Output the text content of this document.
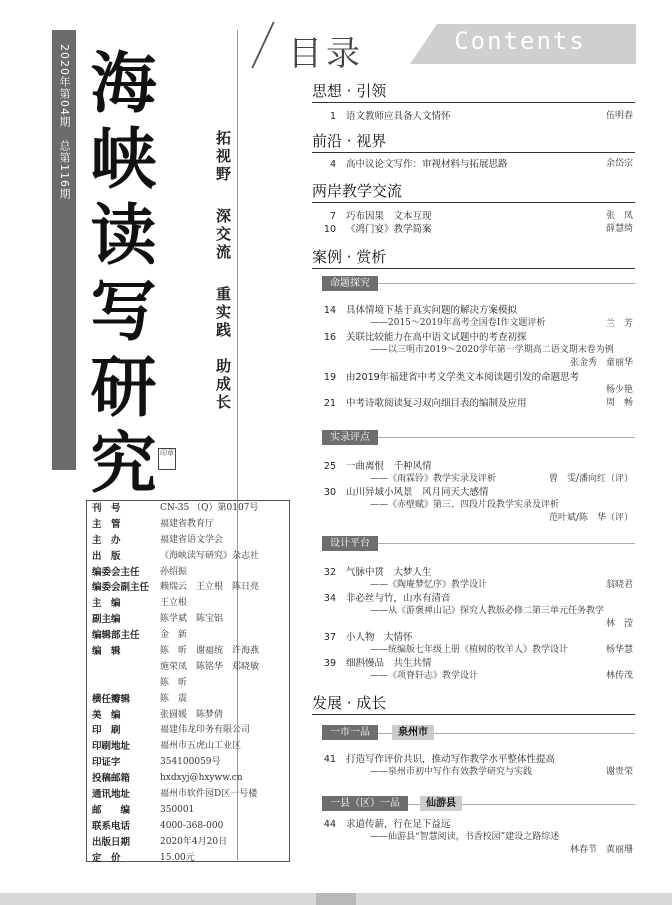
2020年第04期　总第116期 海峡读写研究 印章
拓视野
深交流
重实践
助成长
刊　号	CN-35 （Q）第0107号
主　管	福建省教育厅
主　办	福建省语文学会
出　版	《海峡读写研究》杂志社
编委会主任	孙绍振
编委会副主任	赖瑞云　王立根　陈日亮
主　编	王立根
副主编	陈学斌　陈宝铝
编辑部主任	金　新
编　辑	陈　昕　谢福统　许海燕
施荣凤　陈铭华　郑晓敏
陈　昕
横任瓣辑	陈　震
美　编	张圆媛　陈梦倩
印　刷	福建伟龙印务有限公司
印刷地址	福州市五虎山工业区
印证字	354100059号
投稿邮箱	hxdxyj@hxyww.cn
通讯地址	福州市软件园D区一号楼
邮　　编	350001
联系电话	4000-368-000
出版日期	2020年4月20日
定　价	15.00元
目录	Contents
思想 · 引领
1 语文教师应具备人文情怀	伍明春
前沿 · 视界
4 高中议论文写作：审视材料与拓展思路	余岱宗
两岸教学交流
7 巧布因果　文本互现	张　凤
10 《鸿门宴》教学简案	薛慧绮
案例 · 赏析
命题探究
14 具体情境下基于真实问题的解决方案模拟
——2015～2019年高考全国卷Ⅰ作文题评析	兰　芳
16 关联比较能力在高中语文试题中的考查初探
——以三明市2019～2020学年第一学期高二语文期末卷为例
张金秀　童丽华
19 由2019年福建省中考文学类文本阅读题引发的命题思考
杨少艳
21 中考诗歌阅读复习双向细目表的编制及应用	周　畅
实录评点
25 一曲离恨　千种风情
——《雨霖铃》教学实录及评析	曾　雯/潘向红（评）
30 山川异域小风景　风月同天大感情
——《赤壁赋》第三、四段片段教学实录及评析
范叶斌/陈　华（评）
设计平台
32 气脉中贯　大梦人生
——《陶庵梦忆序》教学设计	翁晓君
34 非必丝与竹，山水有清音
——从《游褒禅山记》探究人教版必修二第三单元任务教学
林　滢
37 小人物　大情怀
——统编版七年级上册《植树的牧羊人》教学设计	杨华慧
39 细斟慢品　共生共情
——《项脊轩志》教学设计	林传茂
发展 · 成长
一市一品	泉州市
41 打造写作评价共识，推动写作教学水平整体性提高
——泉州市初中写作有效教学研究与实践	谢贵荣
一县（区）一品	仙游县
44 求道传薪，行在足下益远
——仙游县“智慧阅读，书香校园”建设之路综述
林春节　黄丽珊
